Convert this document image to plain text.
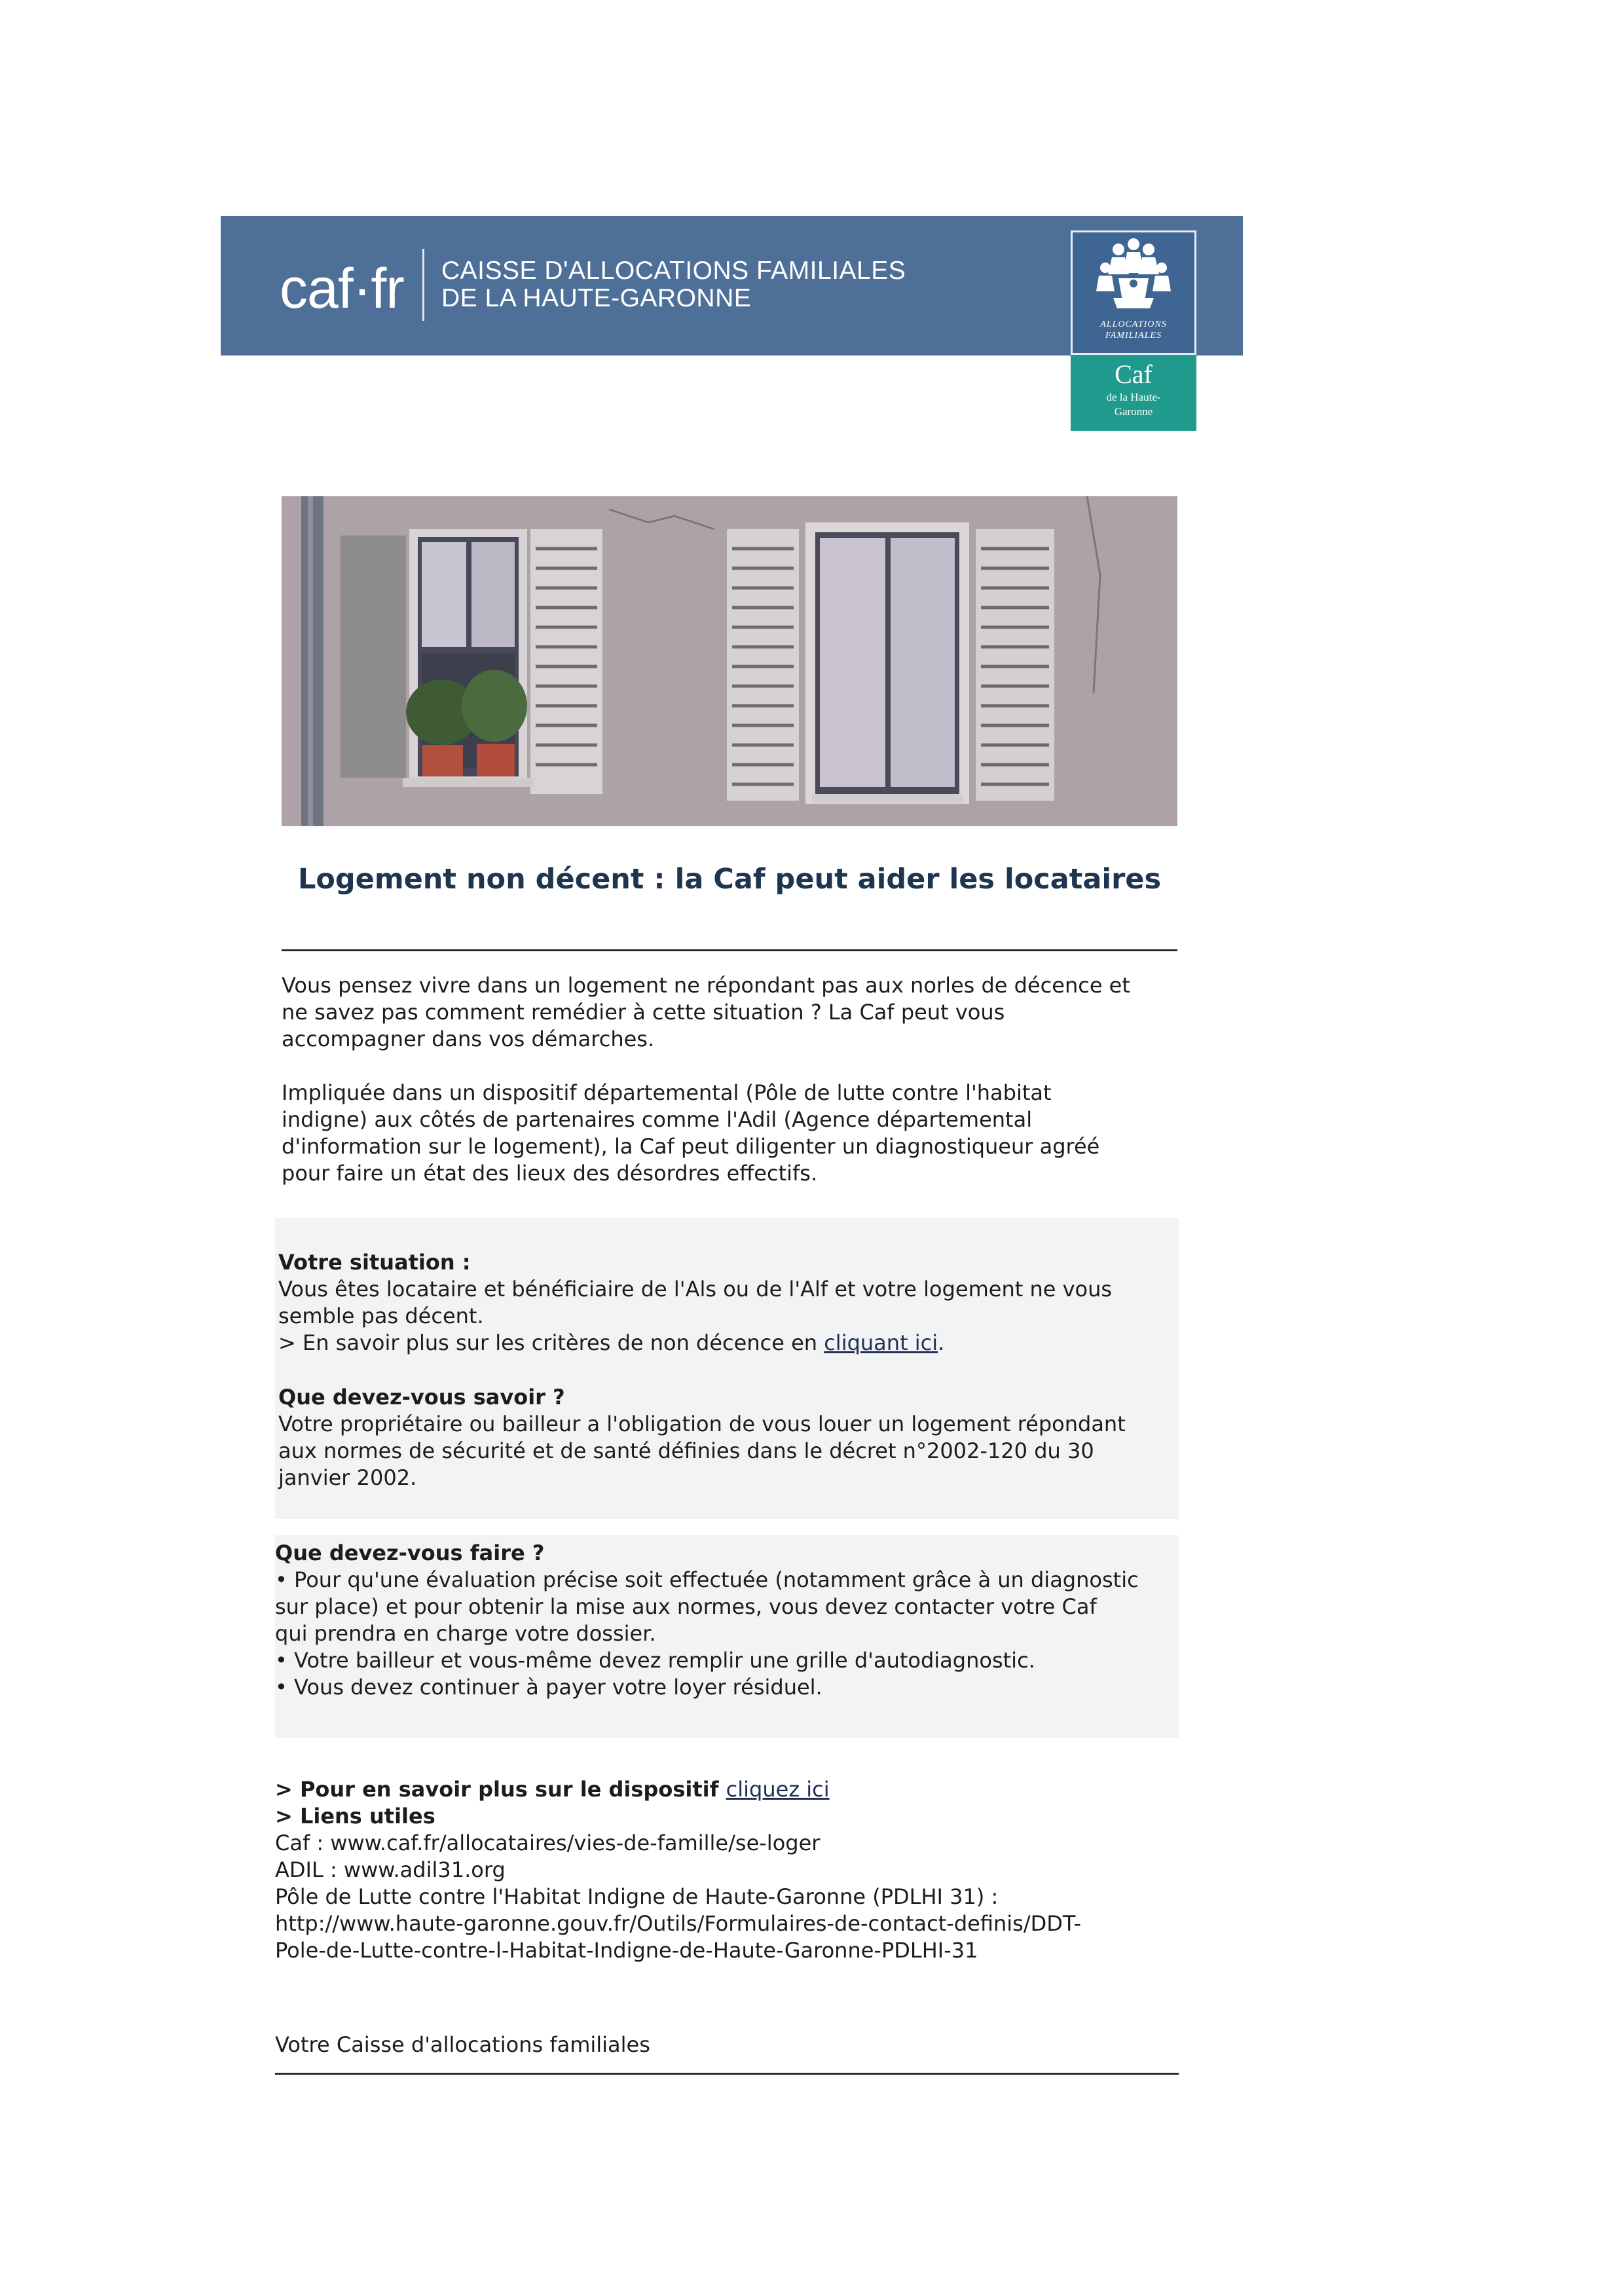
caf·fr CAISSE D'ALLOCATIONS FAMILIALES
DE LA HAUTE-GARONNE
ALLOCATIONS FAMILIALES
Caf
de la Haute-
Garonne
Logement non décent : la Caf peut aider les locataires

Vous pensez vivre dans un logement ne répondant pas aux norles de décence et

ne savez pas comment remédier à cette situation ? La Caf peut vous

accompagner dans vos démarches.

Impliquée dans un dispositif départemental (Pôle de lutte contre l'habitat

indigne) aux côtés de partenaires comme l'Adil (Agence départemental

d'information sur le logement), la Caf peut diligenter un diagnostiqueur agréé

pour faire un état des lieux des désordres effectifs.

Votre situation :

Vous êtes locataire et bénéficiaire de l'Als ou de l'Alf et votre logement ne vous

semble pas décent.

> En savoir plus sur les critères de non décence en cliquant ici.

Que devez-vous savoir ?

Votre propriétaire ou bailleur a l'obligation de vous louer un logement répondant

aux normes de sécurité et de santé définies dans le décret n°2002-120 du 30

janvier 2002.

Que devez-vous faire ?

• Pour qu'une évaluation précise soit effectuée (notamment grâce à un diagnostic

sur place) et pour obtenir la mise aux normes, vous devez contacter votre Caf

qui prendra en charge votre dossier.

• Votre bailleur et vous-même devez remplir une grille d'autodiagnostic.

• Vous devez continuer à payer votre loyer résiduel.

> Pour en savoir plus sur le dispositif cliquez ici

> Liens utiles

Caf : www.caf.fr/allocataires/vies-de-famille/se-loger

ADIL : www.adil31.org

Pôle de Lutte contre l'Habitat Indigne de Haute-Garonne (PDLHI 31) :

http://www.haute-garonne.gouv.fr/Outils/Formulaires-de-contact-definis/DDT-

Pole-de-Lutte-contre-l-Habitat-Indigne-de-Haute-Garonne-PDLHI-31

Votre Caisse d'allocations familiales
